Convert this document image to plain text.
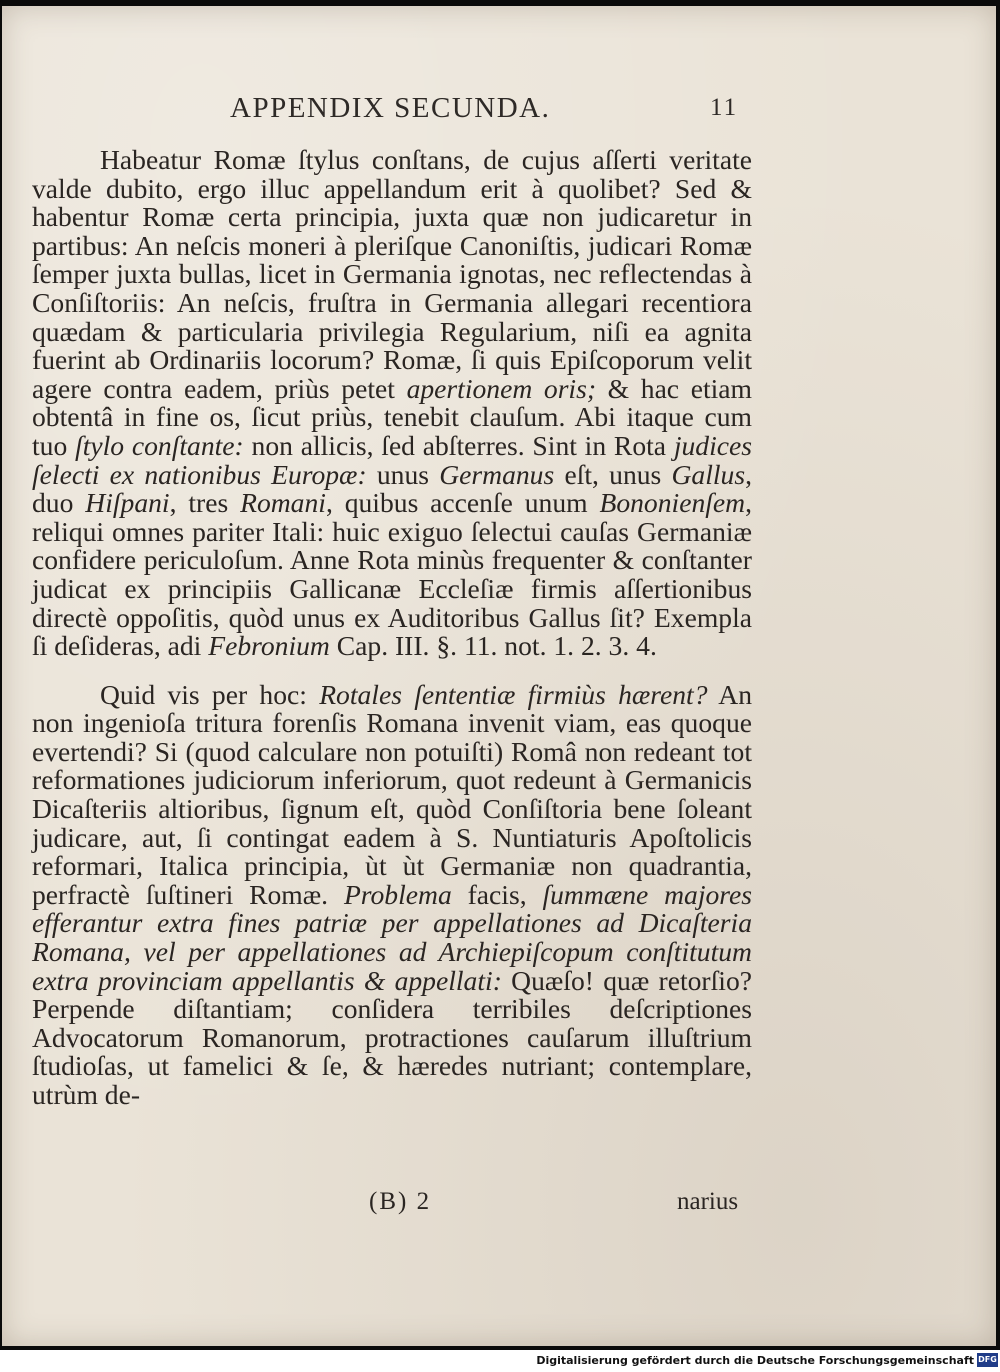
APPENDIX SECUNDA.	11

Habeatur Romæ ſtylus conſtans, de cujus aſſerti veritate valde dubito, ergo illuc appellandum erit à quolibet? Sed & habentur Romæ certa principia, juxta quæ non judicaretur in partibus: An neſcis moneri à pleriſque Canoniſtis, judicari Romæ ſemper juxta bullas, licet in Germania ignotas, nec reflectendas à Conſiſtoriis: An neſcis, fruſtra in Germania allegari recentiora quædam & particularia privilegia Regularium, niſi ea agnita fuerint ab Ordinariis locorum? Romæ, ſi quis Epiſcoporum velit agere contra eadem, priùs petet apertionem oris; & hac etiam obtentâ in fine os, ſicut priùs, tenebit clauſum. Abi itaque cum tuo ſtylo conſtante: non allicis, ſed abſterres. Sint in Rota judices ſelecti ex nationibus Europæ: unus Germanus eſt, unus Gallus, duo Hiſpani, tres Romani, quibus accenſe unum Bononienſem, reliqui omnes pariter Itali: huic exiguo ſelectui cauſas Germaniæ confidere periculoſum. Anne Rota minùs frequenter & conſtanter judicat ex principiis Gallicanæ Eccleſiæ firmis aſſertionibus directè oppoſitis, quòd unus ex Auditoribus Gallus ſit? Exempla ſi deſideras, adi Febronium Cap. III. §. 11. not. 1. 2. 3. 4.

Quid vis per hoc: Rotales ſententiæ firmiùs hærent? An non ingenioſa tritura forenſis Romana invenit viam, eas quoque evertendi? Si (quod calculare non potuiſti) Româ non redeant tot reformationes judiciorum inferiorum, quot redeunt à Germanicis Dicaſteriis altioribus, ſignum eſt, quòd Conſiſtoria bene ſoleant judicare, aut, ſi contingat eadem à S. Nuntiaturis Apoſtolicis reformari, Italica principia, ùt ùt Germaniæ non quadrantia, perfractè ſuſtineri Romæ. Problema facis, ſummæne majores efferantur extra fines patriæ per appellationes ad Dicaſteria Romana, vel per appellationes ad Archiepiſcopum conſtitutum extra provinciam appellantis & appellati: Quæſo! quæ retorſio? Perpende diſtantiam; conſidera terribiles deſcriptiones Advocatorum Romanorum, protractiones cauſarum illuſtrium ſtudioſas, ut famelici & ſe, & hæredes nutriant; contemplare, utrùm de-

(B) 2	narius
Digitalisierung gefördert durch die Deutsche Forschungsgemeinschaft DFG
